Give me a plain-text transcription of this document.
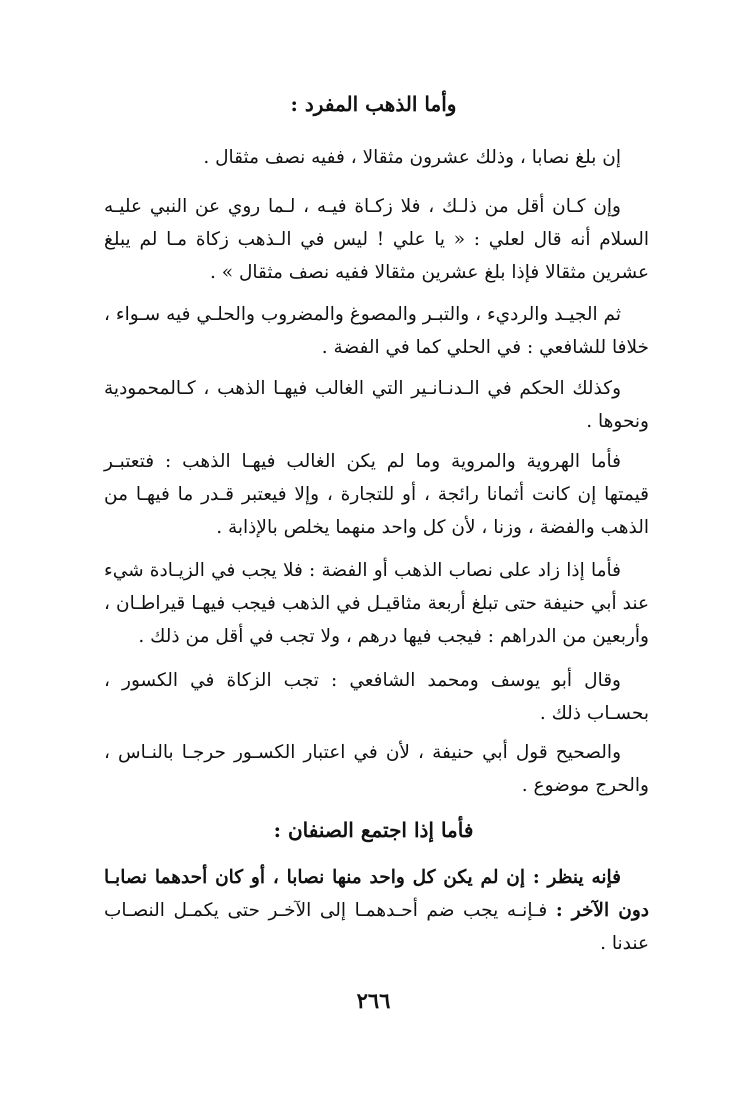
وأما الذهب المفرد :

إن بلغ نصابا ، وذلك عشرون مثقالا ، ففيه نصف مثقال .

وإن كـان أقل من ذلـك ، فلا زكـاة فيـه ، لـما روي عن النبي عليـه السلام أنه قال لعلي : « يا علي ! ليس في الـذهب زكاة مـا لم يبلغ عشرين مثقالا فإذا بلغ عشرين مثقالا ففيه نصف مثقال » .

ثم الجيـد والرديء ، والتبـر والمصوغ والمضروب والحلـي فيه سـواء ، خلافا للشافعي : في الحلي كما في الفضة .

وكذلك الحكم في الـدنـانـير التي الغالب فيهـا الذهب ، كـالمحمودية ونحوها .

فأما الهروية والمروية وما لم يكن الغالب فيهـا الذهب : فتعتبـر قيمتها إن كانت أثمانا رائجة ، أو للتجارة ، وإلا فيعتبر قـدر ما فيهـا من الذهب والفضة ، وزنا ، لأن كل واحد منهما يخلص بالإذابة .

فأما إذا زاد على نصاب الذهب أو الفضة : فلا يجب في الزيـادة شيء عند أبي حنيفة حتى تبلغ أربعة مثاقيـل في الذهب فيجب فيهـا قيراطـان ، وأربعين من الدراهم : فيجب فيها درهم ، ولا تجب في أقل من ذلك .

وقال أبو يوسف ومحمد الشافعي : تجب الزكاة في الكسور ، بحسـاب ذلك .

والصحيح قول أبي حنيفة ، لأن في اعتبار الكسـور حرجـا بالنـاس ، والحرج موضوع .

فأما إذا اجتمع الصنفان :

فإنه ينظر : إن لم يكن كل واحد منها نصابا ، أو كان أحدهما نصابـا دون الآخر : فـإنـه يجب ضم أحـدهمـا إلى الآخـر حتى يكمـل النصـاب عندنا .

٢٦٦
